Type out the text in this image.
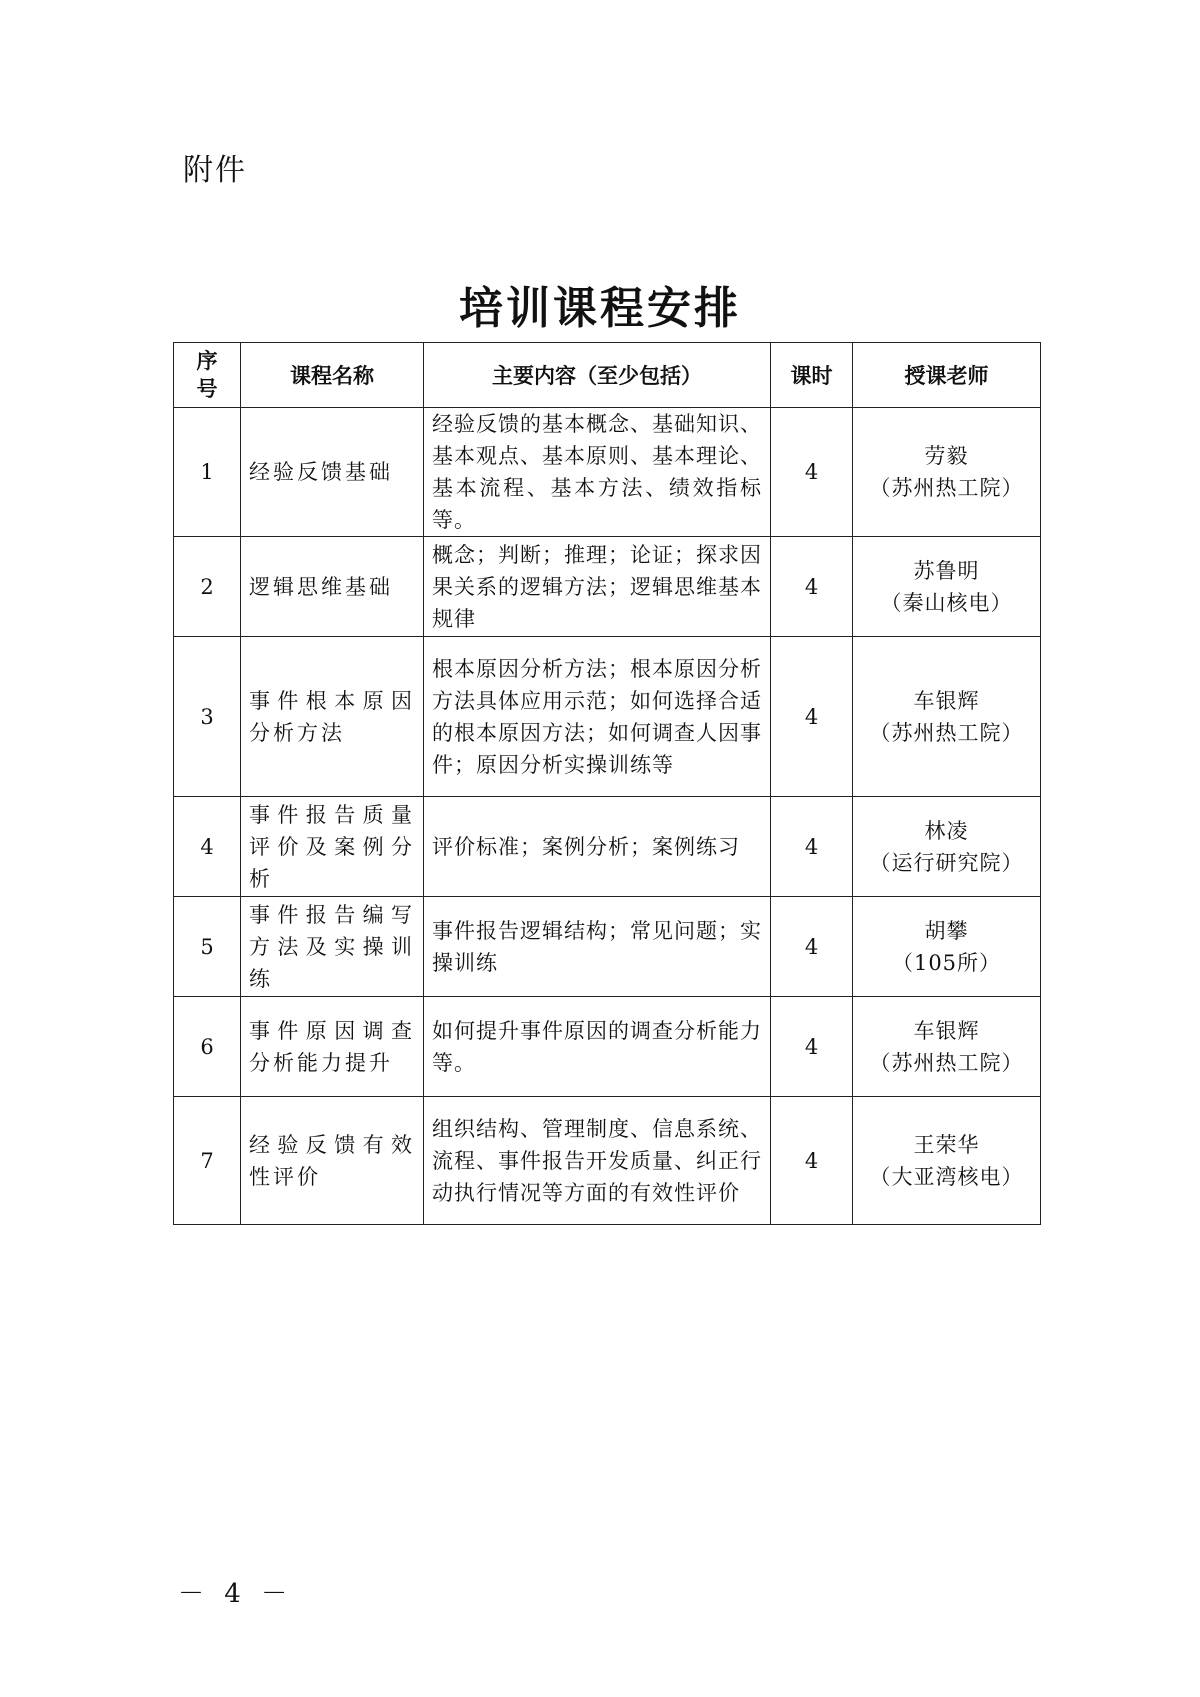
附件
培训课程安排
序
号	课程名称	主要内容（至少包括）	课时	授课老师
1	经验反馈基础	经验反馈的基本概念、基础知识、基本观点、基本原则、基本理论、基本流程、基本方法、绩效指标等。	4	劳毅
（苏州热工院）

2	逻辑思维基础	概念；判断；推理；论证；探求因果关系的逻辑方法；逻辑思维基本规律	4	苏鲁明
（秦山核电）

3	事件根本原因分析方法	根本原因分析方法；根本原因分析方法具体应用示范；如何选择合适的根本原因方法；如何调查人因事件；原因分析实操训练等	4	车银辉
（苏州热工院）

4	事件报告质量评价及案例分析	评价标准；案例分析；案例练习	4	林凌
（运行研究院）

5	事件报告编写方法及实操训练	事件报告逻辑结构；常见问题；实操训练	4	胡攀
（105所）

6	事件原因调查分析能力提升	如何提升事件原因的调查分析能力等。	4	车银辉
（苏州热工院）

7	经验反馈有效性评价	组织结构、管理制度、信息系统、流程、事件报告开发质量、纠正行动执行情况等方面的有效性评价	4	王荣华
（大亚湾核电）
－ 4 －
